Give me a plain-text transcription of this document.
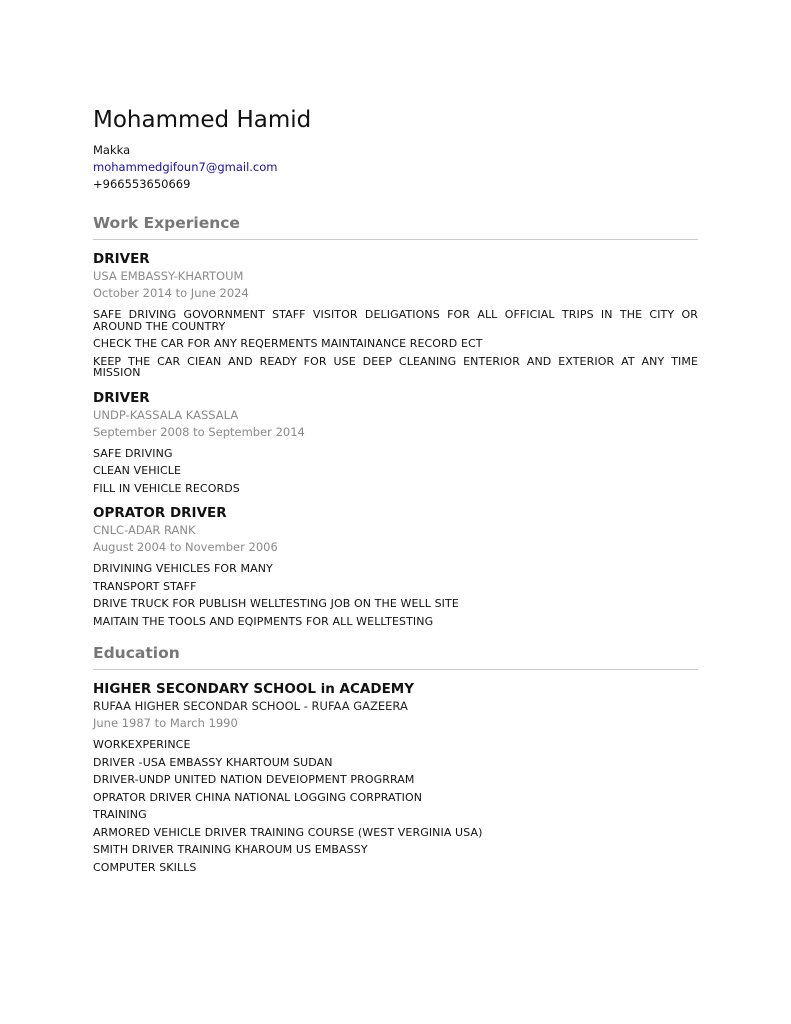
Mohammed Hamid
Makka
mohammedgifoun7@gmail.com
+966553650669
Work Experience
DRIVER
USA EMBASSY-KHARTOUM
October 2014 to June 2024
SAFE DRIVING GOVORNMENT STAFF VISITOR DELIGATIONS FOR ALL OFFICIAL TRIPS IN THE CITY OR AROUND THE COUNTRY
CHECK THE CAR FOR ANY REQERMENTS MAINTAINANCE RECORD ECT
KEEP THE CAR CIEAN AND READY FOR USE DEEP CLEANING ENTERIOR AND EXTERIOR AT ANY TIME MISSION
DRIVER
UNDP-KASSALA KASSALA
September 2008 to September 2014
SAFE DRIVING
CLEAN VEHICLE
FILL IN VEHICLE RECORDS
OPRATOR DRIVER
CNLC-ADAR RANK
August 2004 to November 2006
DRIVINING VEHICLES FOR MANY
TRANSPORT STAFF
DRIVE TRUCK FOR PUBLISH WELLTESTING JOB ON THE WELL SITE
MAITAIN THE TOOLS AND EQIPMENTS FOR ALL WELLTESTING
Education
HIGHER SECONDARY SCHOOL in ACADEMY
RUFAA HIGHER SECONDAR SCHOOL - RUFAA GAZEERA
June 1987 to March 1990
WORKEXPERINCE
DRIVER -USA EMBASSY KHARTOUM SUDAN
DRIVER-UNDP UNITED NATION DEVEIOPMENT PROGRRAM
OPRATOR DRIVER CHINA NATIONAL LOGGING CORPRATION
TRAINING
ARMORED VEHICLE DRIVER TRAINING COURSE (WEST VERGINIA USA)
SMITH DRIVER TRAINING KHAROUM US EMBASSY
COMPUTER SKILLS
